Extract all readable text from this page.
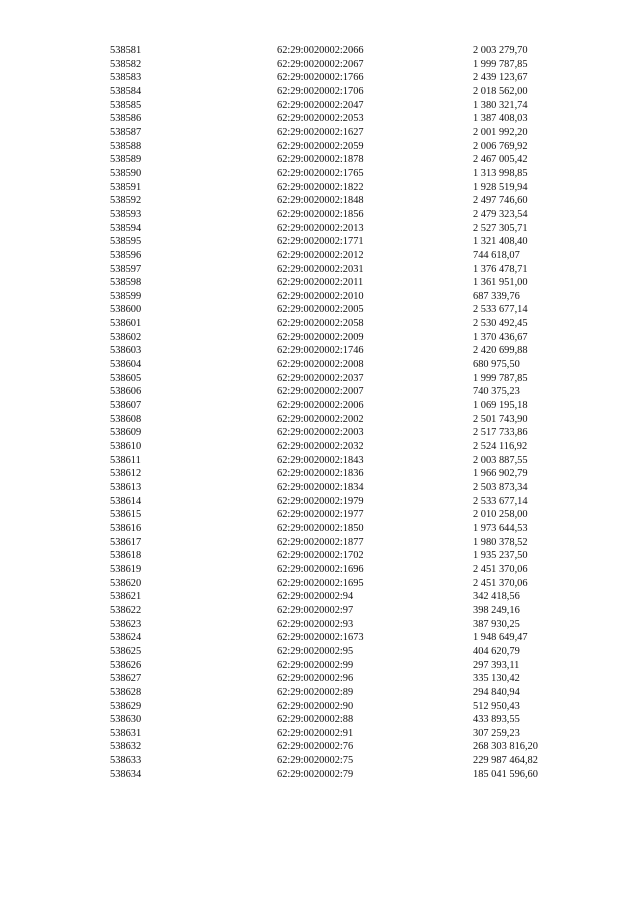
538581	62:29:0020002:2066	2 003 279,70
538582	62:29:0020002:2067	1 999 787,85
538583	62:29:0020002:1766	2 439 123,67
538584	62:29:0020002:1706	2 018 562,00
538585	62:29:0020002:2047	1 380 321,74
538586	62:29:0020002:2053	1 387 408,03
538587	62:29:0020002:1627	2 001 992,20
538588	62:29:0020002:2059	2 006 769,92
538589	62:29:0020002:1878	2 467 005,42
538590	62:29:0020002:1765	1 313 998,85
538591	62:29:0020002:1822	1 928 519,94
538592	62:29:0020002:1848	2 497 746,60
538593	62:29:0020002:1856	2 479 323,54
538594	62:29:0020002:2013	2 527 305,71
538595	62:29:0020002:1771	1 321 408,40
538596	62:29:0020002:2012	744 618,07
538597	62:29:0020002:2031	1 376 478,71
538598	62:29:0020002:2011	1 361 951,00
538599	62:29:0020002:2010	687 339,76
538600	62:29:0020002:2005	2 533 677,14
538601	62:29:0020002:2058	2 530 492,45
538602	62:29:0020002:2009	1 370 436,67
538603	62:29:0020002:1746	2 420 699,88
538604	62:29:0020002:2008	680 975,50
538605	62:29:0020002:2037	1 999 787,85
538606	62:29:0020002:2007	740 375,23
538607	62:29:0020002:2006	1 069 195,18
538608	62:29:0020002:2002	2 501 743,90
538609	62:29:0020002:2003	2 517 733,86
538610	62:29:0020002:2032	2 524 116,92
538611	62:29:0020002:1843	2 003 887,55
538612	62:29:0020002:1836	1 966 902,79
538613	62:29:0020002:1834	2 503 873,34
538614	62:29:0020002:1979	2 533 677,14
538615	62:29:0020002:1977	2 010 258,00
538616	62:29:0020002:1850	1 973 644,53
538617	62:29:0020002:1877	1 980 378,52
538618	62:29:0020002:1702	1 935 237,50
538619	62:29:0020002:1696	2 451 370,06
538620	62:29:0020002:1695	2 451 370,06
538621	62:29:0020002:94	342 418,56
538622	62:29:0020002:97	398 249,16
538623	62:29:0020002:93	387 930,25
538624	62:29:0020002:1673	1 948 649,47
538625	62:29:0020002:95	404 620,79
538626	62:29:0020002:99	297 393,11
538627	62:29:0020002:96	335 130,42
538628	62:29:0020002:89	294 840,94
538629	62:29:0020002:90	512 950,43
538630	62:29:0020002:88	433 893,55
538631	62:29:0020002:91	307 259,23
538632	62:29:0020002:76	268 303 816,20
538633	62:29:0020002:75	229 987 464,82
538634	62:29:0020002:79	185 041 596,60
